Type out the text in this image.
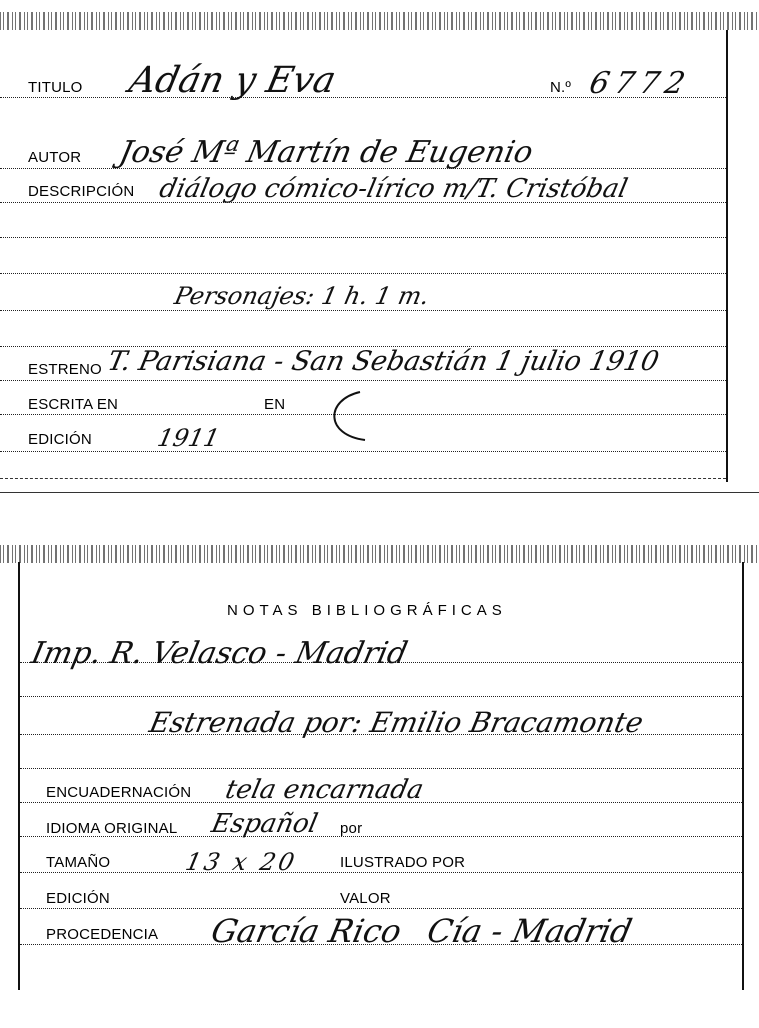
TITULO Adán y Eva	N.º 6772
AUTOR José Mª Martín de Eugenio
DESCRIPCIÓN diálogo cómico-lírico m/T. Cristóbal
Personajes: 1 h. 1 m.
ESTRENO T. Parisiana - San Sebastián 1 julio 1910
ESCRITA EN	EN
EDICIÓN	1911
NOTAS BIBLIOGRÁFICAS
Imp. R. Velasco - Madrid
Estrenada por: Emilio Bracamonte
ENCUADERNACIÓN tela encarnada
IDIOMA ORIGINAL Español por
TAMAÑO	13 x 20	ILUSTRADO POR
EDICIÓN	VALOR
PROCEDENCIA García Rico Cía - Madrid
